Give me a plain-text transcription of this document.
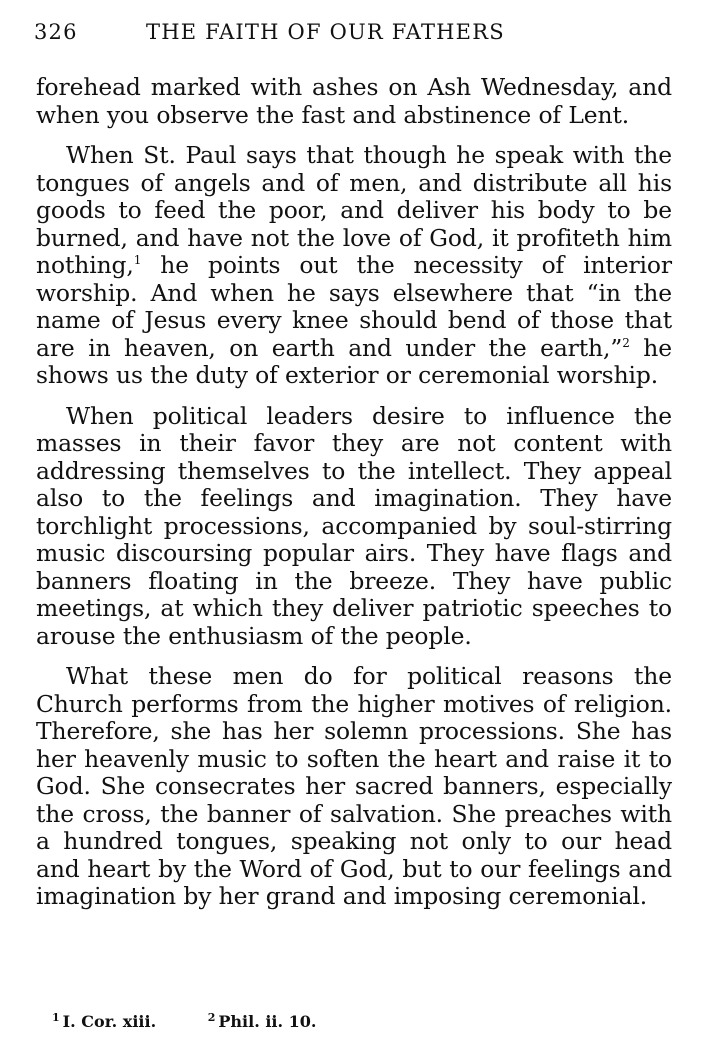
326	THE FAITH OF OUR FATHERS

forehead marked with ashes on Ash Wednesday, and when you observe the fast and abstinence of Lent.

When St. Paul says that though he speak with the tongues of angels and of men, and distribute all his goods to feed the poor, and deliver his body to be burned, and have not the love of God, it profiteth him nothing,$^1$ he points out the necessity of interior worship. And when he says elsewhere that “in the name of Jesus every knee should bend of those that are in heaven, on earth and under the earth,”$^2$ he shows us the duty of exterior or ceremonial worship.

When political leaders desire to influence the masses in their favor they are not content with addressing themselves to the intellect. They appeal also to the feelings and imagination. They have torchlight processions, accompanied by soul-stirring music discoursing popular airs. They have flags and banners floating in the breeze. They have public meetings, at which they deliver patriotic speeches to arouse the enthusiasm of the people.

What these men do for political reasons the Church performs from the higher motives of religion. Therefore, she has her solemn processions. She has her heavenly music to soften the heart and raise it to God. She consecrates her sacred banners, especially the cross, the banner of salvation. She preaches with a hundred tongues, speaking not only to our head and heart by the Word of God, but to our feelings and imagination by her grand and imposing ceremonial.

$^1$ I. Cor. xiii.	$^2$ Phil. ii. 10.
